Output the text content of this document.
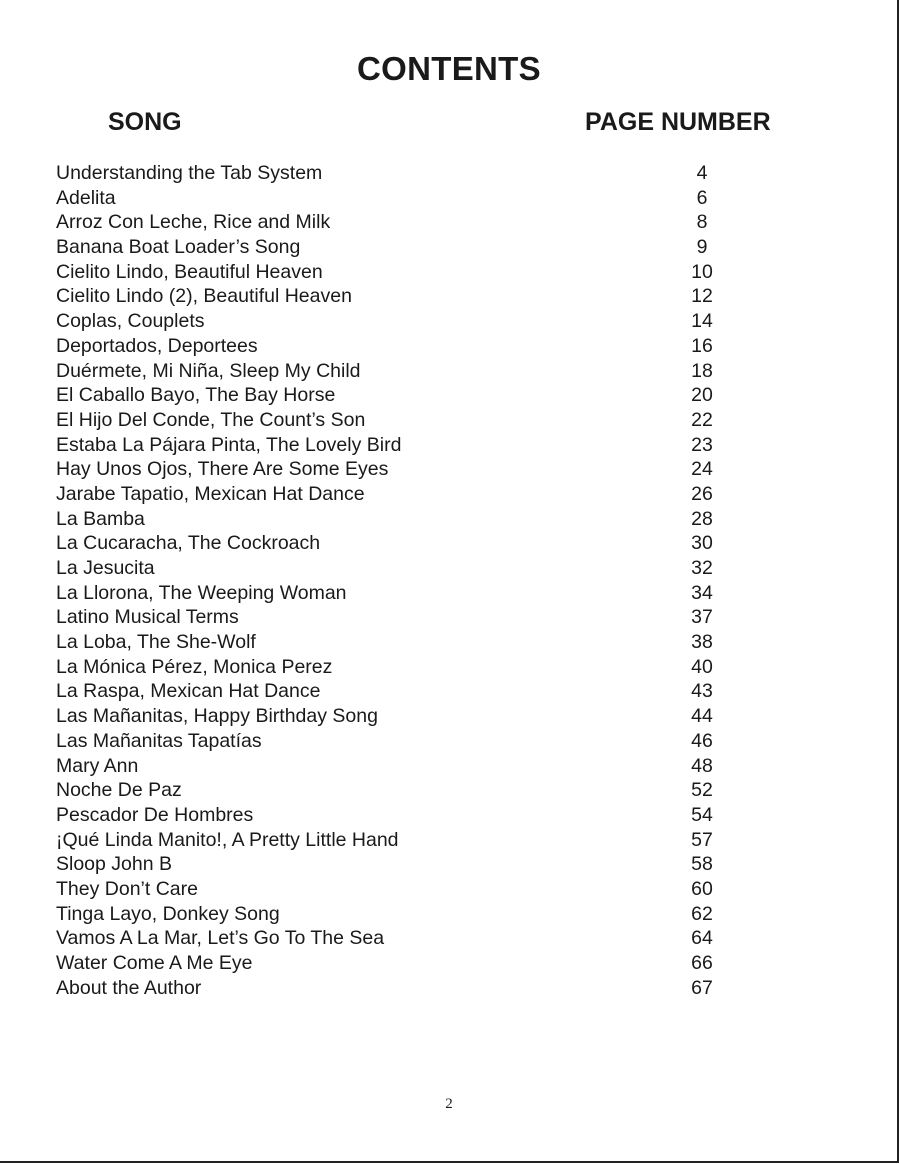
CONTENTS
SONG	PAGE NUMBER
Understanding the Tab System	4
Adelita	6
Arroz Con Leche, Rice and Milk	8
Banana Boat Loader’s Song	9
Cielito Lindo, Beautiful Heaven	10
Cielito Lindo (2), Beautiful Heaven	12
Coplas, Couplets	14
Deportados, Deportees	16
Duérmete, Mi Niña, Sleep My Child	18
El Caballo Bayo, The Bay Horse	20
El Hijo Del Conde, The Count’s Son	22
Estaba La Pájara Pinta, The Lovely Bird	23
Hay Unos Ojos, There Are Some Eyes	24
Jarabe Tapatio, Mexican Hat Dance	26
La Bamba	28
La Cucaracha, The Cockroach	30
La Jesucita	32
La Llorona, The Weeping Woman	34
Latino Musical Terms	37
La Loba, The She-Wolf	38
La Mónica Pérez, Monica Perez	40
La Raspa, Mexican Hat Dance	43
Las Mañanitas, Happy Birthday Song	44
Las Mañanitas Tapatías	46
Mary Ann	48
Noche De Paz	52
Pescador De Hombres	54
¡Qué Linda Manito!, A Pretty Little Hand	57
Sloop John B	58
They Don’t Care	60
Tinga Layo, Donkey Song	62
Vamos A La Mar, Let’s Go To The Sea	64
Water Come A Me Eye	66
About the Author	67
2
